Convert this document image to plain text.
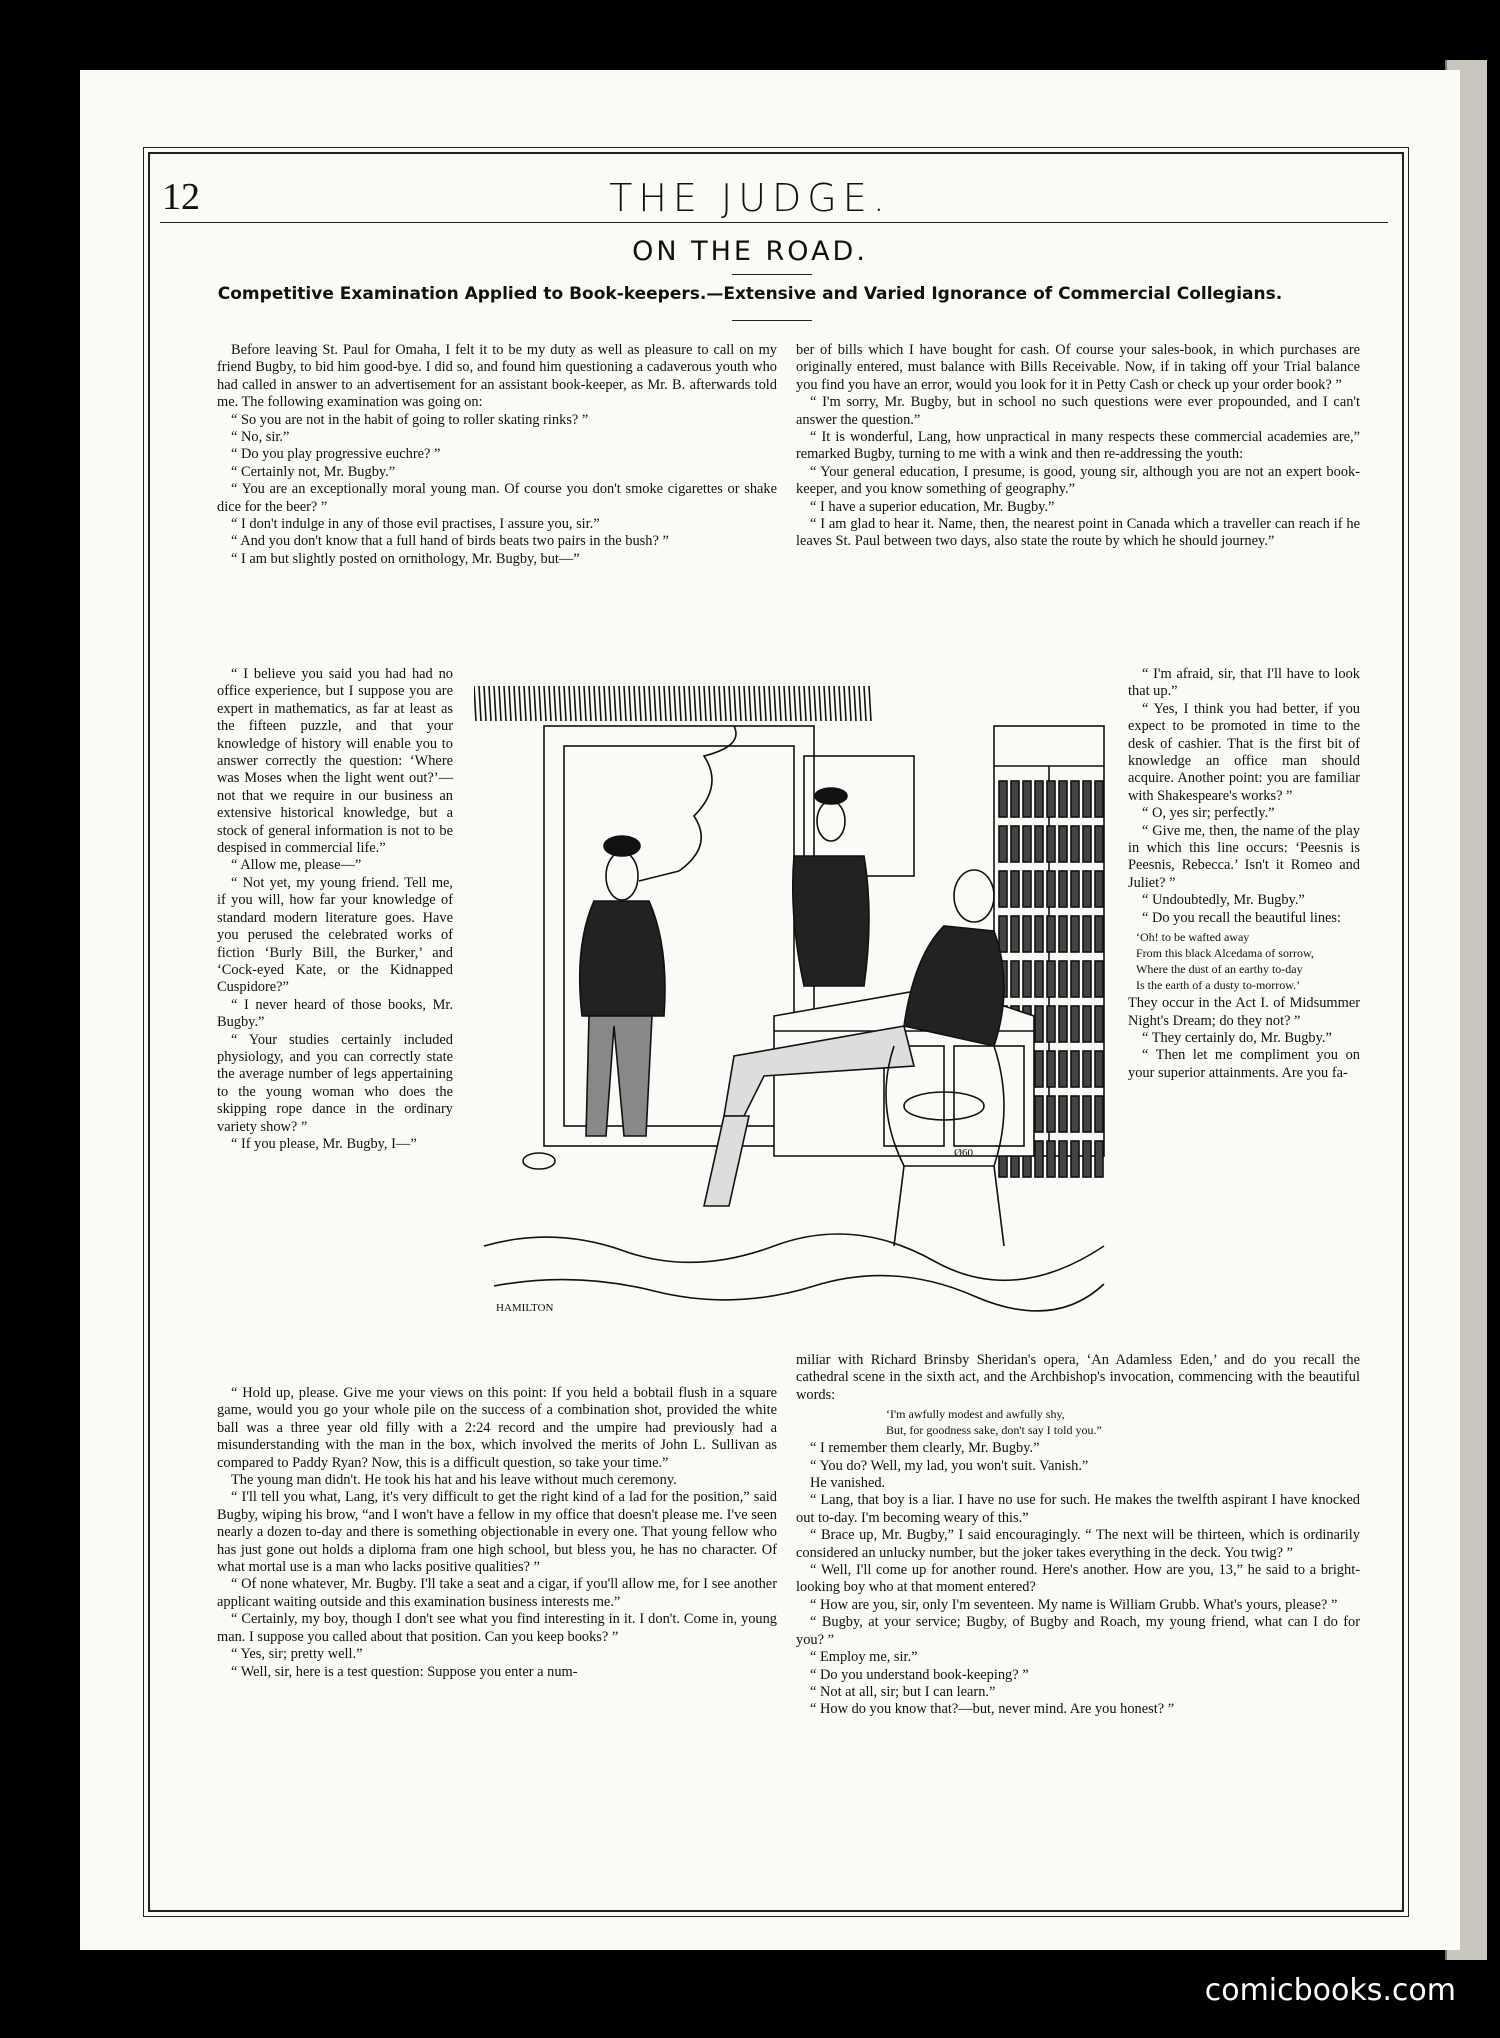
12	THE JUDGE.
ON THE ROAD.
Competitive Examination Applied to Book-keepers.—Extensive and Varied Ignorance of Commercial Collegians.

Before leaving St. Paul for Omaha, I felt it to be my duty as well as pleasure to call on my friend Bugby, to bid him good-bye. I did so, and found him questioning a cadaverous youth who had called in answer to an advertisement for an assistant book-keeper, as Mr. B. afterwards told me. The following examination was going on:

“ So you are not in the habit of going to roller skating rinks? ”

“ No, sir.”

“ Do you play progressive euchre? ”

“ Certainly not, Mr. Bugby.”

“ You are an exceptionally moral young man. Of course you don't smoke cigarettes or shake dice for the beer? ”

“ I don't indulge in any of those evil practises, I assure you, sir.”

“ And you don't know that a full hand of birds beats two pairs in the bush? ”

“ I am but slightly posted on ornithology, Mr. Bugby, but—”

“ I believe you said you had had no office experience, but I suppose you are expert in mathematics, as far at least as the fifteen puzzle, and that your knowledge of history will enable you to answer correctly the question: ‘Where was Moses when the light went out?’—not that we require in our business an extensive historical knowledge, but a stock of general information is not to be despised in commercial life.”

“ Allow me, please—”

“ Not yet, my young friend. Tell me, if you will, how far your knowledge of standard modern literature goes. Have you perused the celebrated works of fiction ‘Burly Bill, the Burker,’ and ‘Cock-eyed Kate, or the Kidnapped Cuspidore?”

“ I never heard of those books, Mr. Bugby.”

“ Your studies certainly included physiology, and you can correctly state the average number of legs appertaining to the young woman who does the skipping rope dance in the ordinary variety show? ”

“ If you please, Mr. Bugby, I—”

“ Hold up, please. Give me your views on this point: If you held a bobtail flush in a square game, would you go your whole pile on the success of a combination shot, provided the white ball was a three year old filly with a 2:24 record and the umpire had previously had a misunderstanding with the man in the box, which involved the merits of John L. Sullivan as compared to Paddy Ryan? Now, this is a difficult question, so take your time.”

The young man didn't. He took his hat and his leave without much ceremony.

“ I'll tell you what, Lang, it's very difficult to get the right kind of a lad for the position,” said Bugby, wiping his brow, “and I won't have a fellow in my office that doesn't please me. I've seen nearly a dozen to-day and there is something objectionable in every one. That young fellow who has just gone out holds a diploma fram one high school, but bless you, he has no character. Of what mortal use is a man who lacks positive qualities? ”

“ Of none whatever, Mr. Bugby. I'll take a seat and a cigar, if you'll allow me, for I see another applicant waiting outside and this examination business interests me.”

“ Certainly, my boy, though I don't see what you find interesting in it. I don't. Come in, young man. I suppose you called about that position. Can you keep books? ”

“ Yes, sir; pretty well.”

“ Well, sir, here is a test question: Suppose you enter a num-

ber of bills which I have bought for cash. Of course your sales-book, in which purchases are originally entered, must balance with Bills Receivable. Now, if in taking off your Trial balance you find you have an error, would you look for it in Petty Cash or check up your order book? ”

“ I'm sorry, Mr. Bugby, but in school no such questions were ever propounded, and I can't answer the question.”

“ It is wonderful, Lang, how unpractical in many respects these commercial academies are,” remarked Bugby, turning to me with a wink and then re-addressing the youth:

“ Your general education, I presume, is good, young sir, although you are not an expert book-keeper, and you know something of geography.”

“ I have a superior education, Mr. Bugby.”

“ I am glad to hear it. Name, then, the nearest point in Canada which a traveller can reach if he leaves St. Paul between two days, also state the route by which he should journey.”

“ I'm afraid, sir, that I'll have to look that up.”

“ Yes, I think you had better, if you expect to be promoted in time to the desk of cashier. That is the first bit of knowledge an office man should acquire. Another point: you are familiar with Shakespeare's works? ”

“ O, yes sir; perfectly.”

“ Give me, then, the name of the play in which this line occurs: ‘Peesnis is Peesnis, Rebecca.’ Isn't it Romeo and Juliet? ”

“ Undoubtedly, Mr. Bugby.”

“ Do you recall the beautiful lines:

‘Oh! to be wafted away
From this black Alcedama of sorrow,
Where the dust of an earthy to-day
Is the earth of a dusty to-morrow.’

They occur in the Act I. of Midsummer Night's Dream; do they not? ”

“ They certainly do, Mr. Bugby.”

“ Then let me compliment you on your superior attainments. Are you fa-

miliar with Richard Brinsby Sheridan's opera, ‘An Adamless Eden,’ and do you recall the cathedral scene in the sixth act, and the Archbishop's invocation, commencing with the beautiful words:

‘I'm awfully modest and awfully shy,
But, for goodness sake, don't say I told you.”

“ I remember them clearly, Mr. Bugby.”

“ You do? Well, my lad, you won't suit. Vanish.”

He vanished.

“ Lang, that boy is a liar. I have no use for such. He makes the twelfth aspirant I have knocked out to-day. I'm becoming weary of this.”

“ Brace up, Mr. Bugby,” I said encouragingly. “ The next will be thirteen, which is ordinarily considered an unlucky number, but the joker takes everything in the deck. You twig? ”

“ Well, I'll come up for another round. Here's another. How are you, 13,” he said to a bright-looking boy who at that moment entered?

“ How are you, sir, only I'm seventeen. My name is William Grubb. What's yours, please? ”

“ Bugby, at your service; Bugby, of Bugby and Roach, my young friend, what can I do for you? ”

“ Employ me, sir.”

“ Do you understand book-keeping? ”

“ Not at all, sir; but I can learn.”

“ How do you know that?—but, never mind. Are you honest? ”

HAMILTON
Ø60
comicbooks.com
